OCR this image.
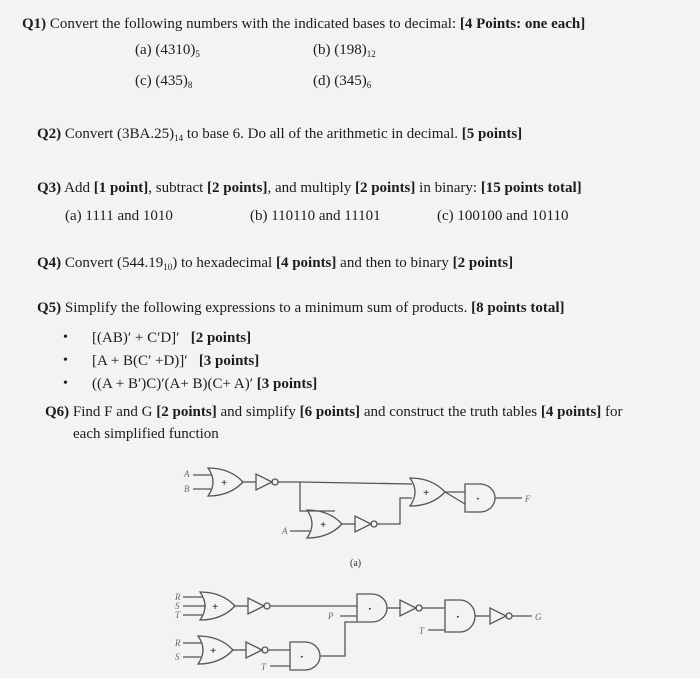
Q1) Convert the following numbers with the indicated bases to decimal: [4 Points: one each]
(a) $(4310)_5$	(b) $(198)_{12}$
(c) $(435)_8$	(d) $(345)_6$
Q2) Convert $(3BA.25)_{14}$ to base 6. Do all of the arithmetic in decimal. [5 points]
Q3) Add [1 point], subtract [2 points], and multiply [2 points] in binary: [15 points total]
(a) 1111 and 1010	(b) 110110 and 11101	(c) 100100 and 10110
Q4) Convert $(544.19_{10})$ to hexadecimal [4 points] and then to binary [2 points]
Q5) Simplify the following expressions to a minimum sum of products. [8 points total]
• [(AB)′ + C′D]′ [2 points]
• [A + B(C′ +D)]′ [3 points]
• ((A + B′)C)′(A+ B)(C+ A)′ [3 points]
Q6) Find F and G [2 points] and simplify [6 points] and construct the truth tables [4 points] for
each simplified function
+
+
+	·
+	·
·
+	·
A
B
A
F
(a)
R
S
T	P
T
G
R
S
T
